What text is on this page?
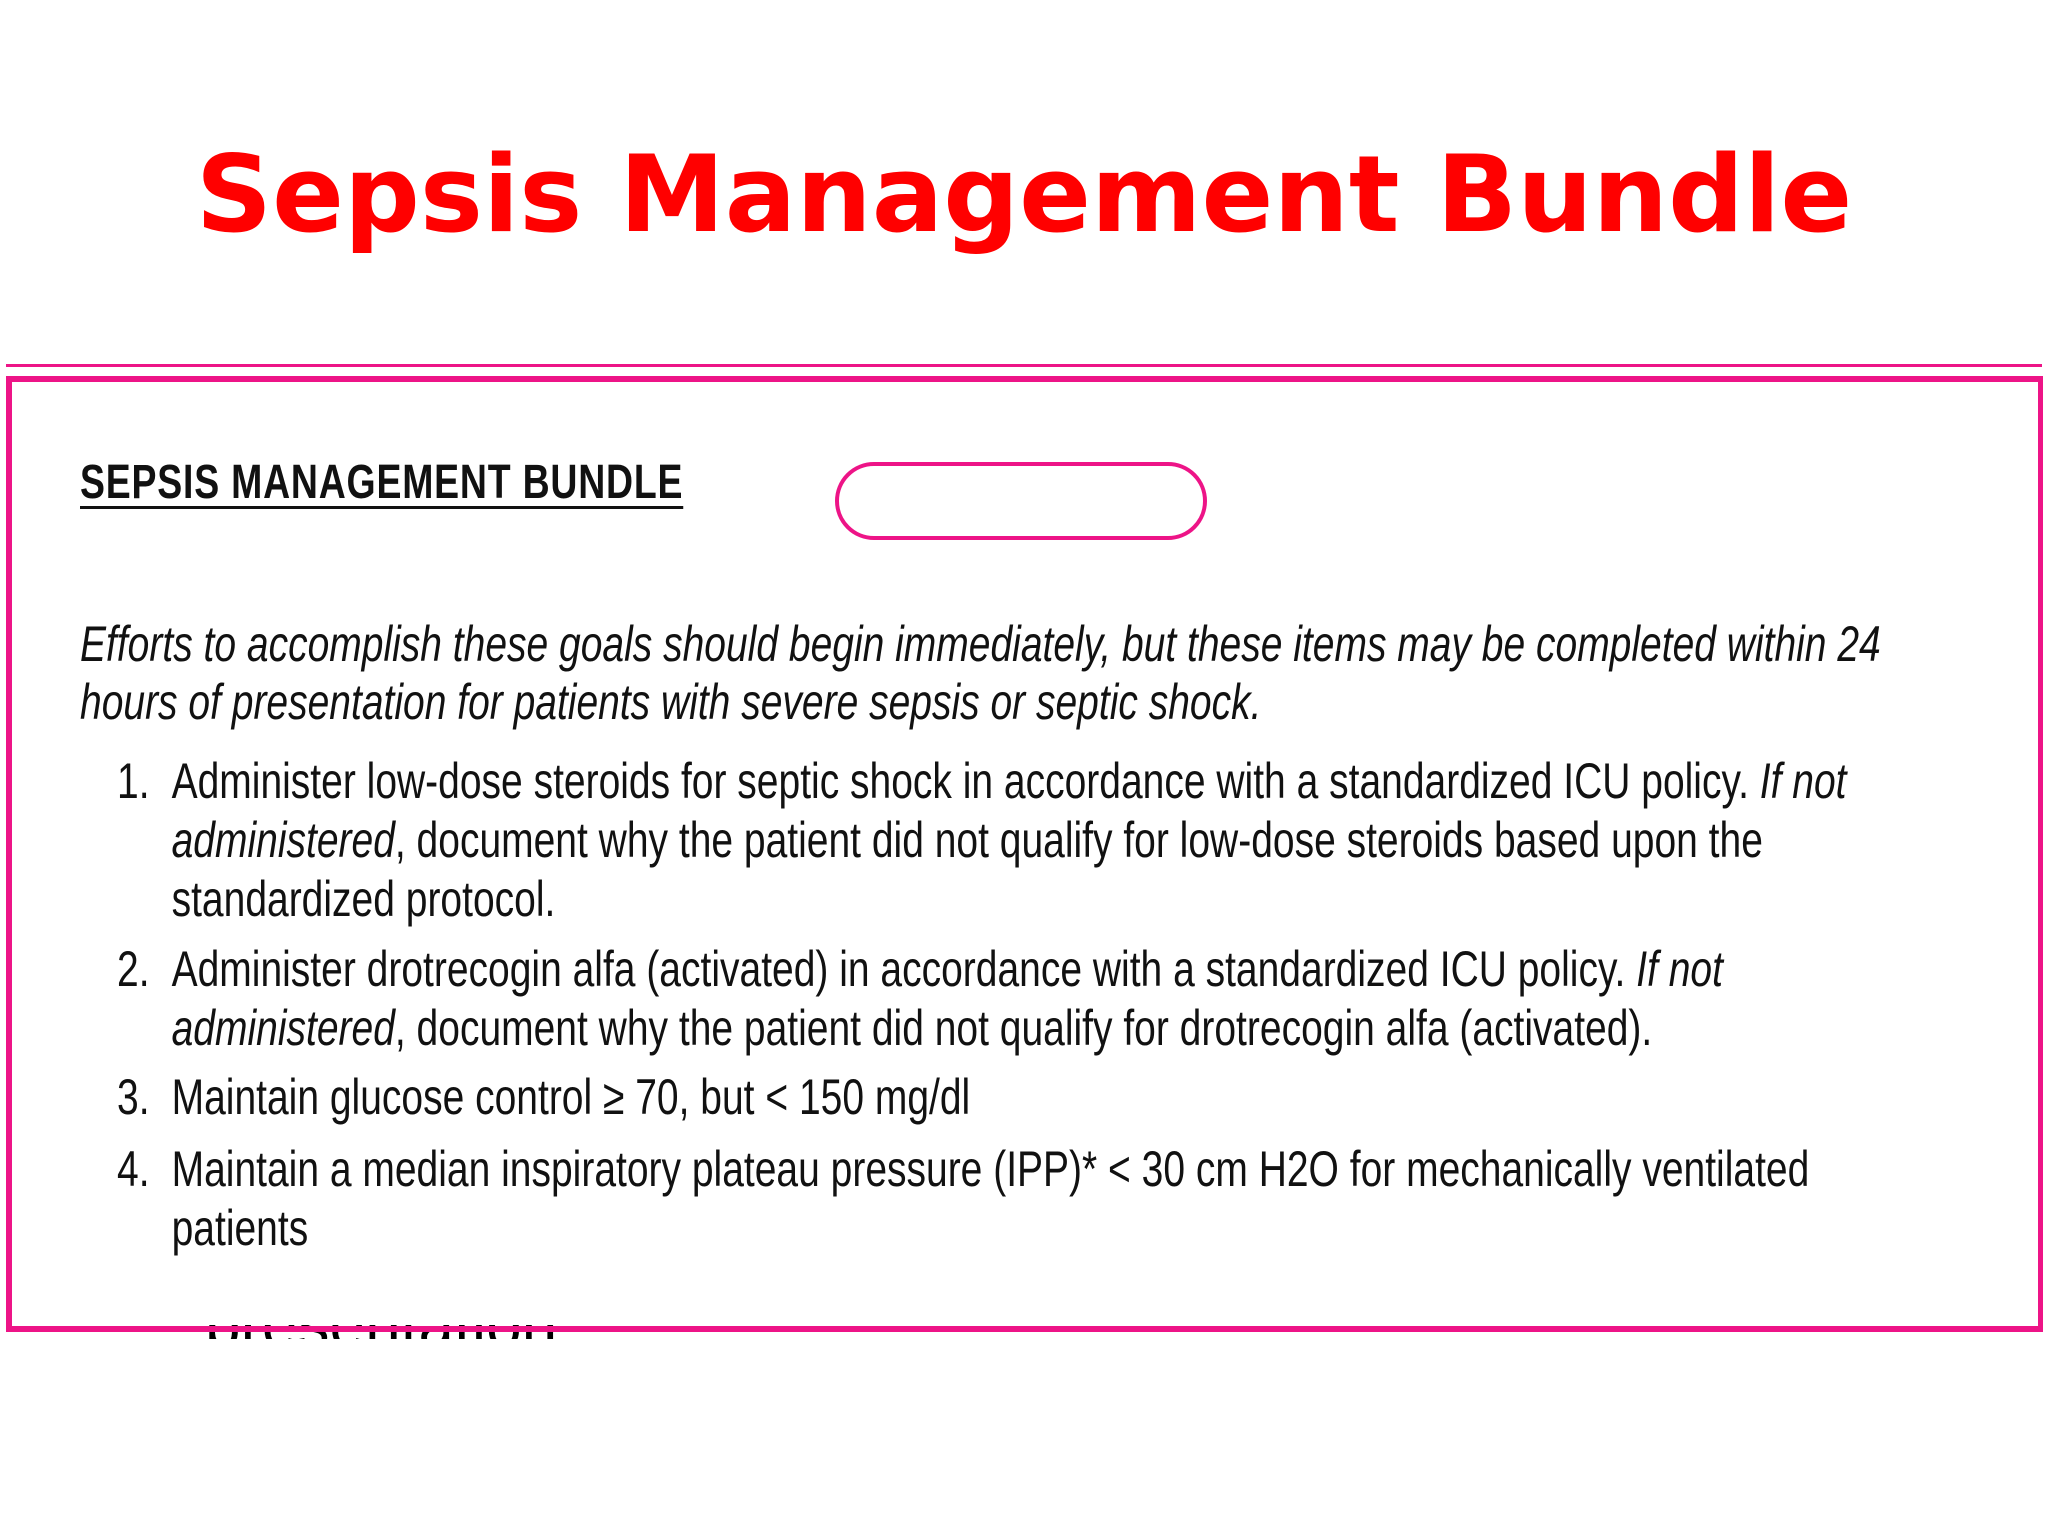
Sepsis Management Bundle
SEPSIS MANAGEMENT BUNDLE
Efforts to accomplish these goals should begin immediately, but these items may be completed within 24
hours of presentation for patients with severe sepsis or septic shock.
1. Administer low-dose steroids for septic shock in accordance with a standardized ICU policy. If not
administered, document why the patient did not qualify for low-dose steroids based upon the
standardized protocol.
2. Administer drotrecogin alfa (activated) in accordance with a standardized ICU policy. If not
administered, document why the patient did not qualify for drotrecogin alfa (activated).
3. Maintain glucose control ≥ 70, but < 150 mg/dl
4. Maintain a median inspiratory plateau pressure (IPP)* < 30 cm H2O for mechanically ventilated
patients
